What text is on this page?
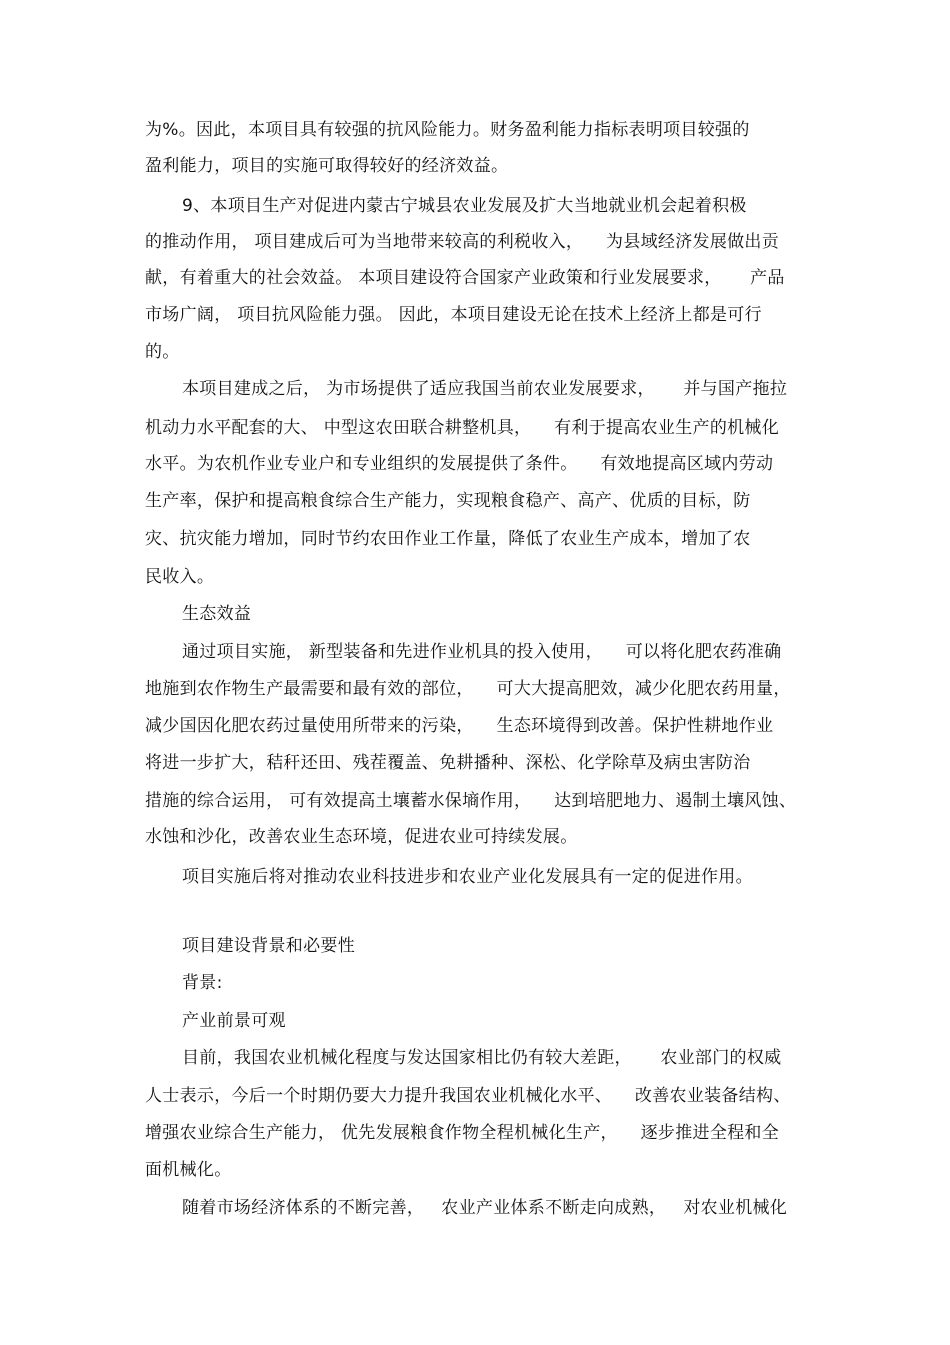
为%。因此，本项目具有较强的抗风险能力。财务盈利能力指标表明项目较强的
盈利能力，项目的实施可取得较好的经济效益。
9、本项目生产对促进内蒙古宁城县农业发展及扩大当地就业机会起着积极
的推动作用， 项目建成后可为当地带来较高的利税收入，    为县域经济发展做出贡
献，有着重大的社会效益。 本项目建设符合国家产业政策和行业发展要求，     产品
市场广阔， 项目抗风险能力强。 因此，本项目建设无论在技术上经济上都是可行
的。
本项目建成之后， 为市场提供了适应我国当前农业发展要求，     并与国产拖拉
机动力水平配套的大、 中型这农田联合耕整机具，    有利于提高农业生产的机械化
水平。为农机作业专业户和专业组织的发展提供了条件。    有效地提高区域内劳动
生产率，保护和提高粮食综合生产能力，实现粮食稳产、高产、优质的目标，防
灾、抗灾能力增加，同时节约农田作业工作量，降低了农业生产成本，增加了农
民收入。
生态效益
通过项目实施， 新型装备和先进作业机具的投入使用，    可以将化肥农药准确
地施到农作物生产最需要和最有效的部位，    可大大提高肥效，减少化肥农药用量，
减少国因化肥农药过量使用所带来的污染，    生态环境得到改善。保护性耕地作业
将进一步扩大，秸秆还田、残茬覆盖、免耕播种、深松、化学除草及病虫害防治
措施的综合运用， 可有效提高土壤蓄水保墒作用，    达到培肥地力、遏制土壤风蚀、
水蚀和沙化，改善农业生态环境，促进农业可持续发展。
项目实施后将对推动农业科技进步和农业产业化发展具有一定的促进作用。
项目建设背景和必要性
背景:
产业前景可观
目前，我国农业机械化程度与发达国家相比仍有较大差距，     农业部门的权威
人士表示，今后一个时期仍要大力提升我国农业机械化水平、    改善农业装备结构、
增强农业综合生产能力， 优先发展粮食作物全程机械化生产，    逐步推进全程和全
面机械化。
随着市场经济体系的不断完善，   农业产业体系不断走向成熟，   对农业机械化
